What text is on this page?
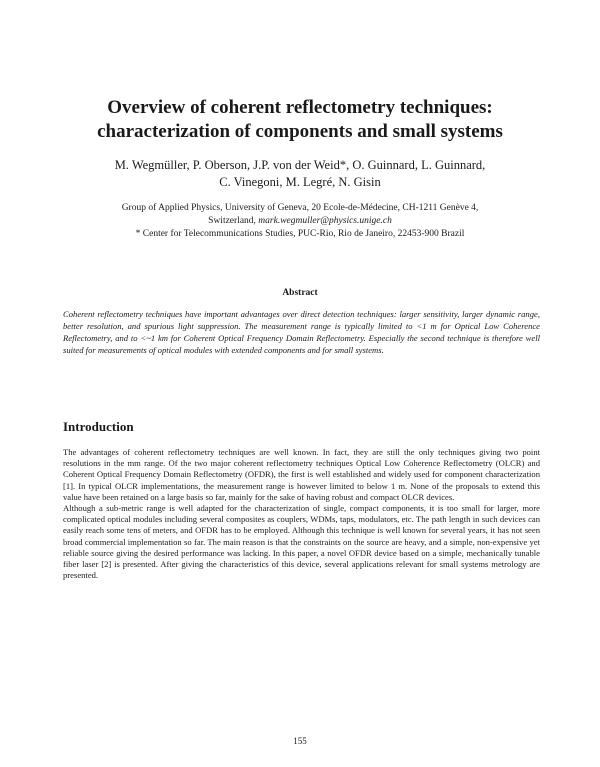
Overview of coherent reflectometry techniques:
characterization of components and small systems
M. Wegmüller, P. Oberson, J.P. von der Weid*, O. Guinnard, L. Guinnard,
C. Vinegoni, M. Legré, N. Gisin
Group of Applied Physics, University of Geneva, 20 Ecole-de-Médecine, CH-1211 Genève 4,
Switzerland, mark.wegmuller@physics.unige.ch
* Center for Telecommunications Studies, PUC-Rio, Rio de Janeiro, 22453-900 Brazil
Abstract
Coherent reflectometry techniques have important advantages over direct detection techniques: larger sensitivity, larger dynamic range, better resolution, and spurious light suppression. The measurement range is typically limited to <1 m for Optical Low Coherence Reflectometry, and to <~1 km for Coherent Optical Frequency Domain Reflectometry. Especially the second technique is therefore well suited for measurements of optical modules with extended components and for small systems.
Introduction

The advantages of coherent reflectometry techniques are well known. In fact, they are still the only techniques giving two point resolutions in the mm range. Of the two major coherent reflectometry techniques Optical Low Coherence Reflectometry (OLCR) and Coherent Optical Frequency Domain Reflectometry (OFDR), the first is well established and widely used for component characterization [1]. In typical OLCR implementations, the measurement range is however limited to below 1 m. None of the proposals to extend this value have been retained on a large basis so far, mainly for the sake of having robust and compact OLCR devices.

Although a sub-metric range is well adapted for the characterization of single, compact components, it is too small for larger, more complicated optical modules including several composites as couplers, WDMs, taps, modulators, etc. The path length in such devices can easily reach some tens of meters, and OFDR has to be employed. Although this technique is well known for several years, it has not seen broad commercial implementation so far. The main reason is that the constraints on the source are heavy, and a simple, non-expensive yet reliable source giving the desired performance was lacking. In this paper, a novel OFDR device based on a simple, mechanically tunable fiber laser [2] is presented. After giving the characteristics of this device, several applications relevant for small systems metrology are presented.

155
